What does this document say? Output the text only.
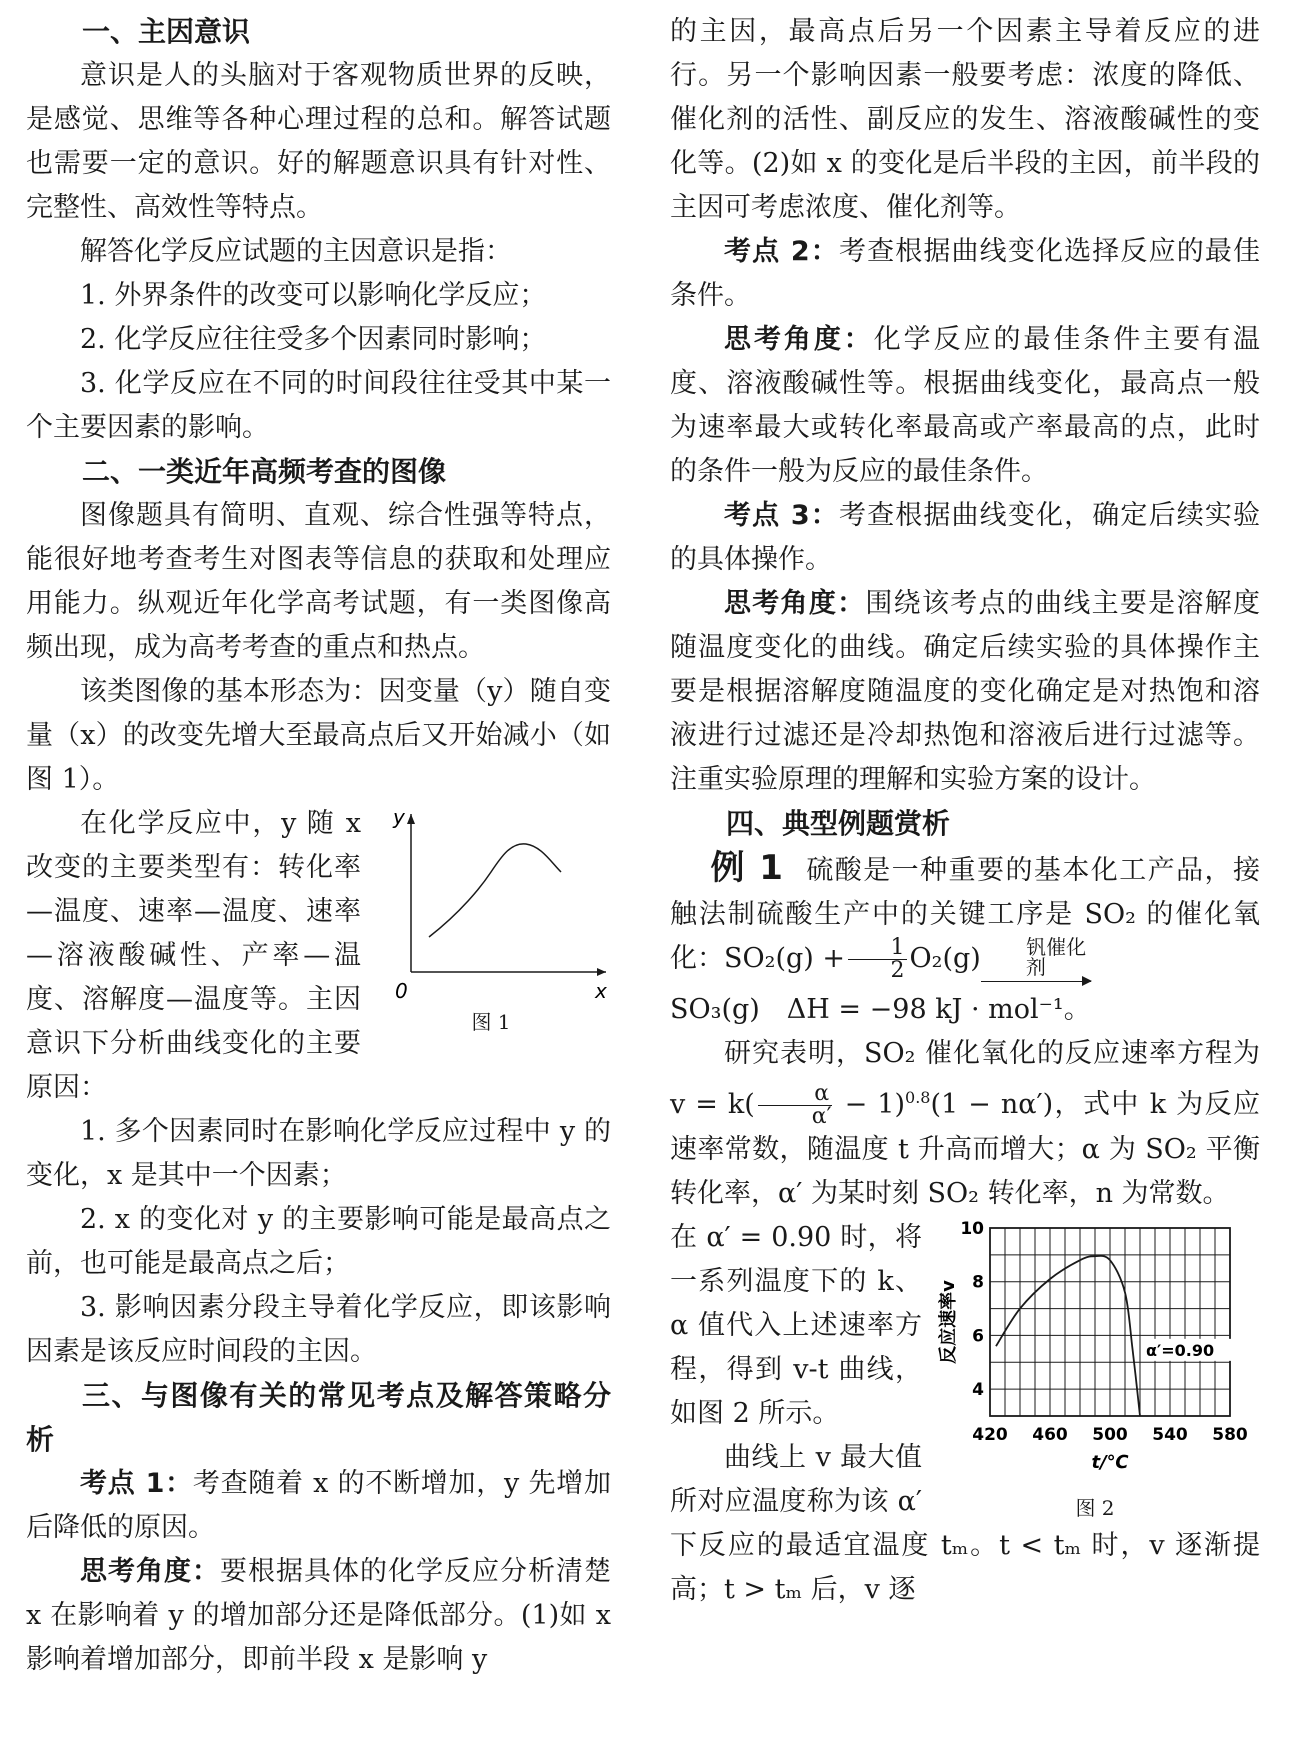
一、主因意识

意识是人的头脑对于客观物质世界的反映，是感觉、思维等各种心理过程的总和。解答试题也需要一定的意识。好的解题意识具有针对性、完整性、高效性等特点。

解答化学反应试题的主因意识是指：

1. 外界条件的改变可以影响化学反应；

2. 化学反应往往受多个因素同时影响；

3. 化学反应在不同的时间段往往受其中某一个主要因素的影响。

二、一类近年高频考查的图像

图像题具有简明、直观、综合性强等特点，能很好地考查考生对图表等信息的获取和处理应用能力。纵观近年化学高考试题，有一类图像高频出现，成为高考考查的重点和热点。

该类图像的基本形态为：因变量（y）随自变量（x）的改变先增大至最高点后又开始减小（如图 1）。

y
x
0
图 1

在化学反应中，y 随 x 改变的主要类型有：转化率—温度、速率—温度、速率—溶液酸碱性、产率—温度、溶解度—温度等。主因意识下分析曲线变化的主要原因：

1. 多个因素同时在影响化学反应过程中 y 的变化，x 是其中一个因素；

2. x 的变化对 y 的主要影响可能是最高点之前，也可能是最高点之后；

3. 影响因素分段主导着化学反应，即该影响因素是该反应时间段的主因。

三、与图像有关的常见考点及解答策略分析

考点 1：考查随着 x 的不断增加，y 先增加后降低的原因。

思考角度：要根据具体的化学反应分析清楚 x 在影响着 y 的增加部分还是降低部分。(1)如 x 影响着增加部分，即前半段 x 是影响 y

的主因，最高点后另一个因素主导着反应的进行。另一个影响因素一般要考虑：浓度的降低、催化剂的活性、副反应的发生、溶液酸碱性的变化等。(2)如 x 的变化是后半段的主因，前半段的主因可考虑浓度、催化剂等。

考点 2：考查根据曲线变化选择反应的最佳条件。

思考角度：化学反应的最佳条件主要有温度、溶液酸碱性等。根据曲线变化，最高点一般为速率最大或转化率最高或产率最高的点，此时的条件一般为反应的最佳条件。

考点 3：考查根据曲线变化，确定后续实验的具体操作。

思考角度：围绕该考点的曲线主要是溶解度随温度变化的曲线。确定后续实验的具体操作主要是根据溶解度随温度的变化确定是对热饱和溶液进行过滤还是冷却热饱和溶液后进行过滤等。注重实验原理的理解和实验方案的设计。

四、典型例题赏析

例 1 硫酸是一种重要的基本化工产品，接触法制硫酸生产中的关键工序是 SO₂ 的催化氧化：$SO_2(g) + \frac{1}{2} O_2(g)$ 钒催化剂

SO₃(g)　ΔH = −98 kJ · mol⁻¹。

研究表明，SO₂ 催化氧化的反应速率方程为 $v = k( \frac{\alpha}{\alpha'} - 1)^{0.8}(1 - n\alpha')$，式中 k 为反应速率常数，随温度 t 升高而增大；α 为 SO₂ 平衡转化率，α′ 为某时刻 SO₂ 转化率，n 为常数。

420 460 500 540 580
4
6
8
10
t/℃
反应速率v	α′=0.90
图 2

在 α′ = 0.90 时，将一系列温度下的 k、α 值代入上述速率方程，得到 v-t 曲线，如图 2 所示。

曲线上 v 最大值所对应温度称为该 α′下反应的最适宜温度 tₘ。t < tₘ 时，v 逐渐提高；t > tₘ 后，v 逐
